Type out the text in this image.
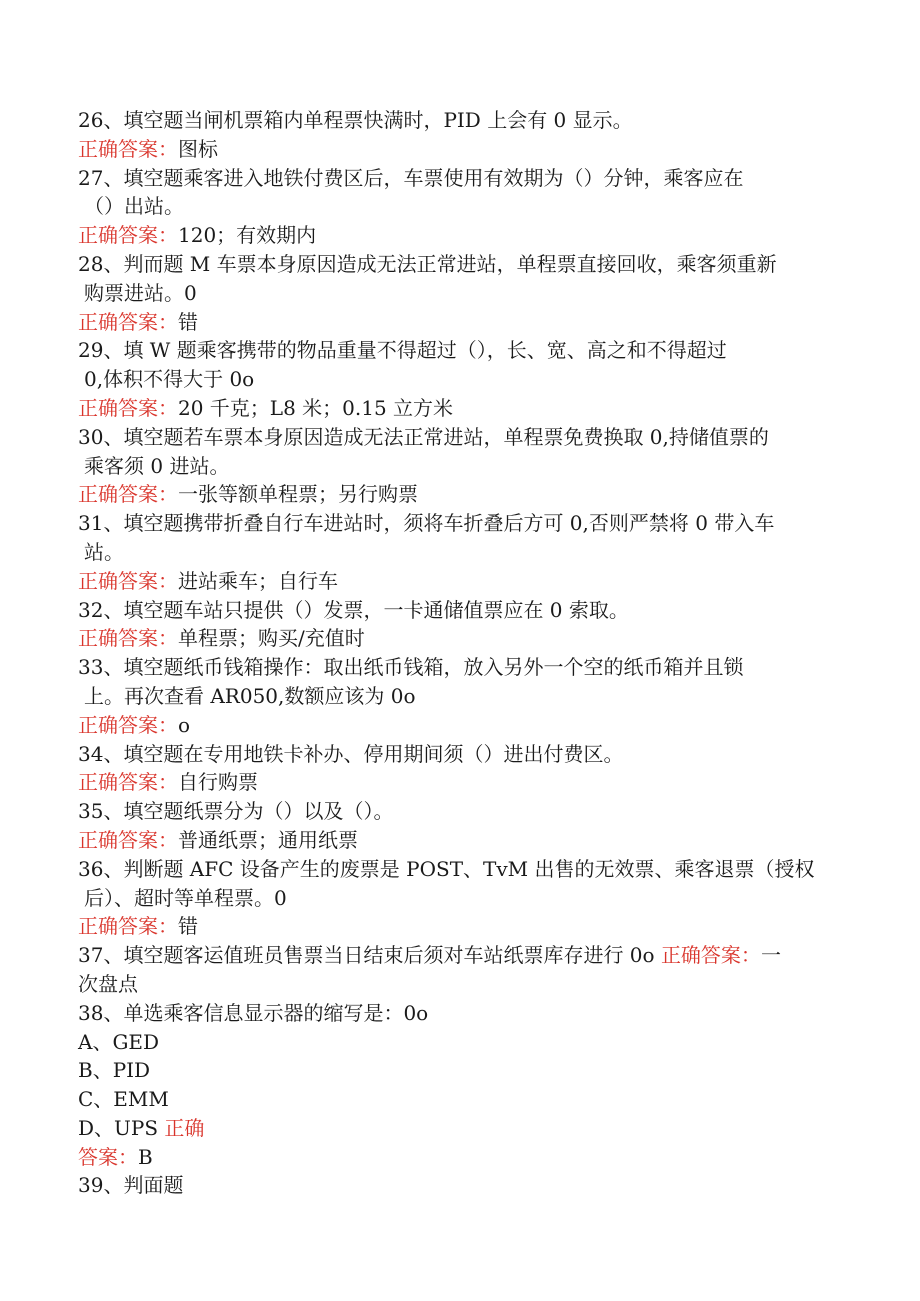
26、填空题当闸机票箱内单程票快满时，PID 上会有 0 显示。
正确答案：图标
27、填空题乘客进入地铁付费区后，车票使用有效期为（）分钟，乘客应在
（）出站。
正确答案：120；有效期内
28、判而题 M 车票本身原因造成无法正常进站，单程票直接回收，乘客须重新
购票进站。0
正确答案：错
29、填 W 题乘客携带的物品重量不得超过（），长、宽、高之和不得超过
0,体积不得大于 0o
正确答案：20 千克；L8 米；0.15 立方米
30、填空题若车票本身原因造成无法正常进站，单程票免费换取 0,持储值票的
乘客须 0 进站。
正确答案：一张等额单程票；另行购票
31、填空题携带折叠自行车进站时，须将车折叠后方可 0,否则严禁将 0 带入车
站。
正确答案：进站乘车；自行车
32、填空题车站只提供（）发票，一卡通储值票应在 0 索取。
正确答案：单程票；购买/充值时
33、填空题纸币钱箱操作：取出纸币钱箱，放入另外一个空的纸币箱并且锁
上。再次查看 AR050,数额应该为 0o
正确答案：o
34、填空题在专用地铁卡补办、停用期间须（）进出付费区。
正确答案：自行购票
35、填空题纸票分为（）以及（）。
正确答案：普通纸票；通用纸票
36、判断题 AFC 设备产生的废票是 POST、TvM 出售的无效票、乘客退票（授权
后）、超时等单程票。0
正确答案：错
37、填空题客运值班员售票当日结束后须对车站纸票库存进行 0o 正确答案：一
次盘点
38、单选乘客信息显示器的缩写是：0o
A、GED
B、PID
C、EMM
D、UPS 正确
答案：B
39、判面题
